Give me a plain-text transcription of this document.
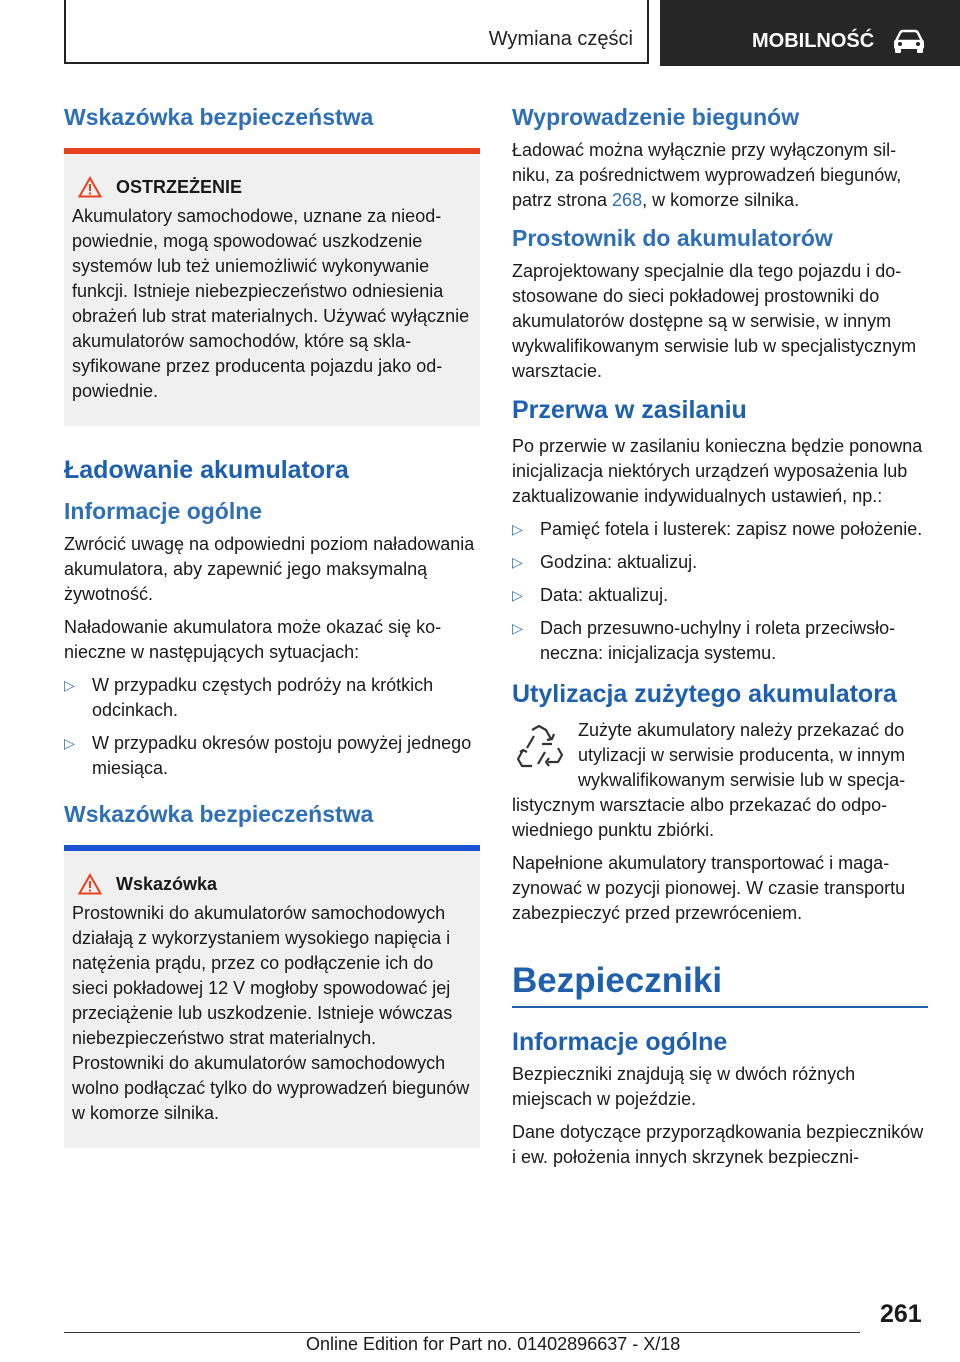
Wymiana części	MOBILNOŚĆ
Wskazówka bezpieczeństwa
OSTRZEŻENIE

Akumulatory samochodowe, uznane za nieodpowiednie, mogą spowodować uszkodzenie systemów lub też uniemożliwić wykonywanie funkcji. Istnieje niebezpieczeństwo odniesienia obrażeń lub strat materialnych. Używać wyłącznie akumulatorów samochodów, które są sklasyfikowane przez producenta pojazdu jako odpowiednie.

Ładowanie akumulatora
Informacje ogólne

Zwrócić uwagę na odpowiedni poziom naładowania akumulatora, aby zapewnić jego maksymalną żywotność.

Naładowanie akumulatora może okazać się konieczne w następujących sytuacjach:

▷ W przypadku częstych podróży na krótkich odcinkach.
▷ W przypadku okresów postoju powyżej jednego miesiąca.
Wskazówka bezpieczeństwa
Wskazówka

Prostowniki do akumulatorów samochodowych działają z wykorzystaniem wysokiego napięcia i natężenia prądu, przez co podłączenie ich do sieci pokładowej 12 V mogłoby spowodować jej przeciążenie lub uszkodzenie. Istnieje wówczas niebezpieczeństwo strat materialnych. Prostowniki do akumulatorów samochodowych wolno podłączać tylko do wyprowadzeń biegunów w komorze silnika.

Wyprowadzenie biegunów

Ładować można wyłącznie przy wyłączonym silniku, za pośrednictwem wyprowadzeń biegunów, patrz strona 268, w komorze silnika.

Prostownik do akumulatorów

Zaprojektowany specjalnie dla tego pojazdu i dostosowane do sieci pokładowej prostowniki do akumulatorów dostępne są w serwisie, w innym wykwalifikowanym serwisie lub w specjalistycznym warsztacie.

Przerwa w zasilaniu

Po przerwie w zasilaniu konieczna będzie ponowna inicjalizacja niektórych urządzeń wyposażenia lub zaktualizowanie indywidualnych ustawień, np.:

▷ Pamięć fotela i lusterek: zapisz nowe położenie.
▷ Godzina: aktualizuj.
▷ Data: aktualizuj.
▷ Dach przesuwno-uchylny i roleta przeciwsłoneczna: inicjalizacja systemu.
Utylizacja zużytego akumulatora

Zużyte akumulatory należy przekazać do utylizacji w serwisie producenta, w innym wykwalifikowanym serwisie lub w specjalistycznym warsztacie albo przekazać do odpowiedniego punktu zbiórki.

Napełnione akumulatory transportować i magazynować w pozycji pionowej. W czasie transportu zabezpieczyć przed przewróceniem.

Bezpieczniki
Informacje ogólne

Bezpieczniki znajdują się w dwóch różnych miejscach w pojeździe.

Dane dotyczące przyporządkowania bezpieczników i ew. położenia innych skrzynek bezpieczni-

261
Online Edition for Part no. 01402896637 - X/18
